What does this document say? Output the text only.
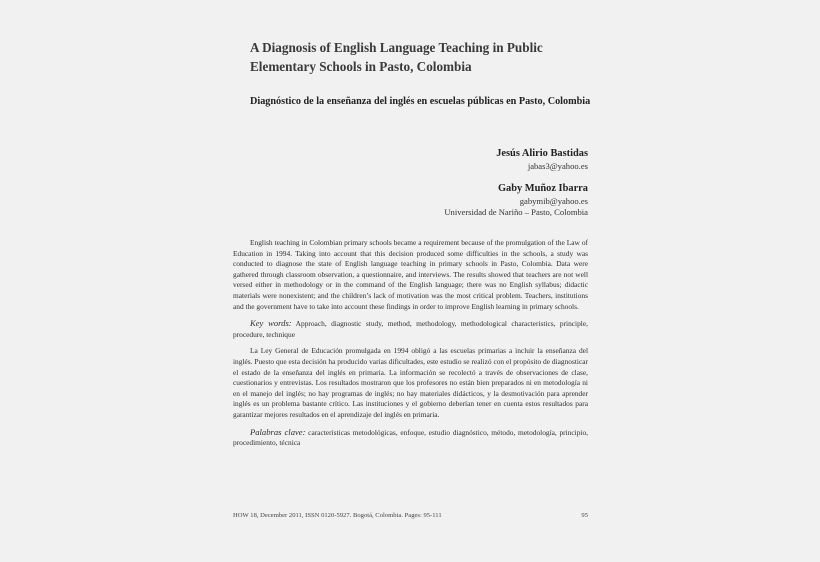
A Diagnosis of English Language Teaching in Public Elementary Schools in Pasto, Colombia
Diagnóstico de la enseñanza del inglés en escuelas públicas en Pasto, Colombia
Jesús Alirio Bastidas
jabas3@yahoo.es
Gaby Muñoz Ibarra
gabymib@yahoo.es
Universidad de Nariño – Pasto, Colombia

English teaching in Colombian primary schools became a requirement because of the promulgation of the Law of Education in 1994. Taking into account that this decision produced some difficulties in the schools, a study was conducted to diagnose the state of English language teaching in primary schools in Pasto, Colombia. Data were gathered through classroom observation, a questionnaire, and interviews. The results showed that teachers are not well versed either in methodology or in the command of the English language; there was no English syllabus; didactic materials were nonexistent; and the children’s lack of motivation was the most critical problem. Teachers, institutions and the government have to take into account these findings in order to improve English learning in primary schools.

Key words: Approach, diagnostic study, method, methodology, methodological characteristics, principle, procedure, technique

La Ley General de Educación promulgada en 1994 obligó a las escuelas primarias a incluir la enseñanza del inglés. Puesto que esta decisión ha producido varias dificultades, este estudio se realizó con el propósito de diagnosticar el estado de la enseñanza del inglés en primaria. La información se recolectó a través de observaciones de clase, cuestionarios y entrevistas. Los resultados mostraron que los profesores no están bien preparados ni en metodología ni en el manejo del inglés; no hay programas de inglés; no hay materiales didácticos, y la desmotivación para aprender inglés es un problema bastante crítico. Las instituciones y el gobierno deberían tener en cuenta estos resultados para garantizar mejores resultados en el aprendizaje del inglés en primaria.

Palabras clave: características metodológicas, enfoque, estudio diagnóstico, método, metodología, principio, procedimiento, técnica

HOW 18, December 2011, ISSN 0120-5927. Bogotá, Colombia. Pages: 95-111	95
